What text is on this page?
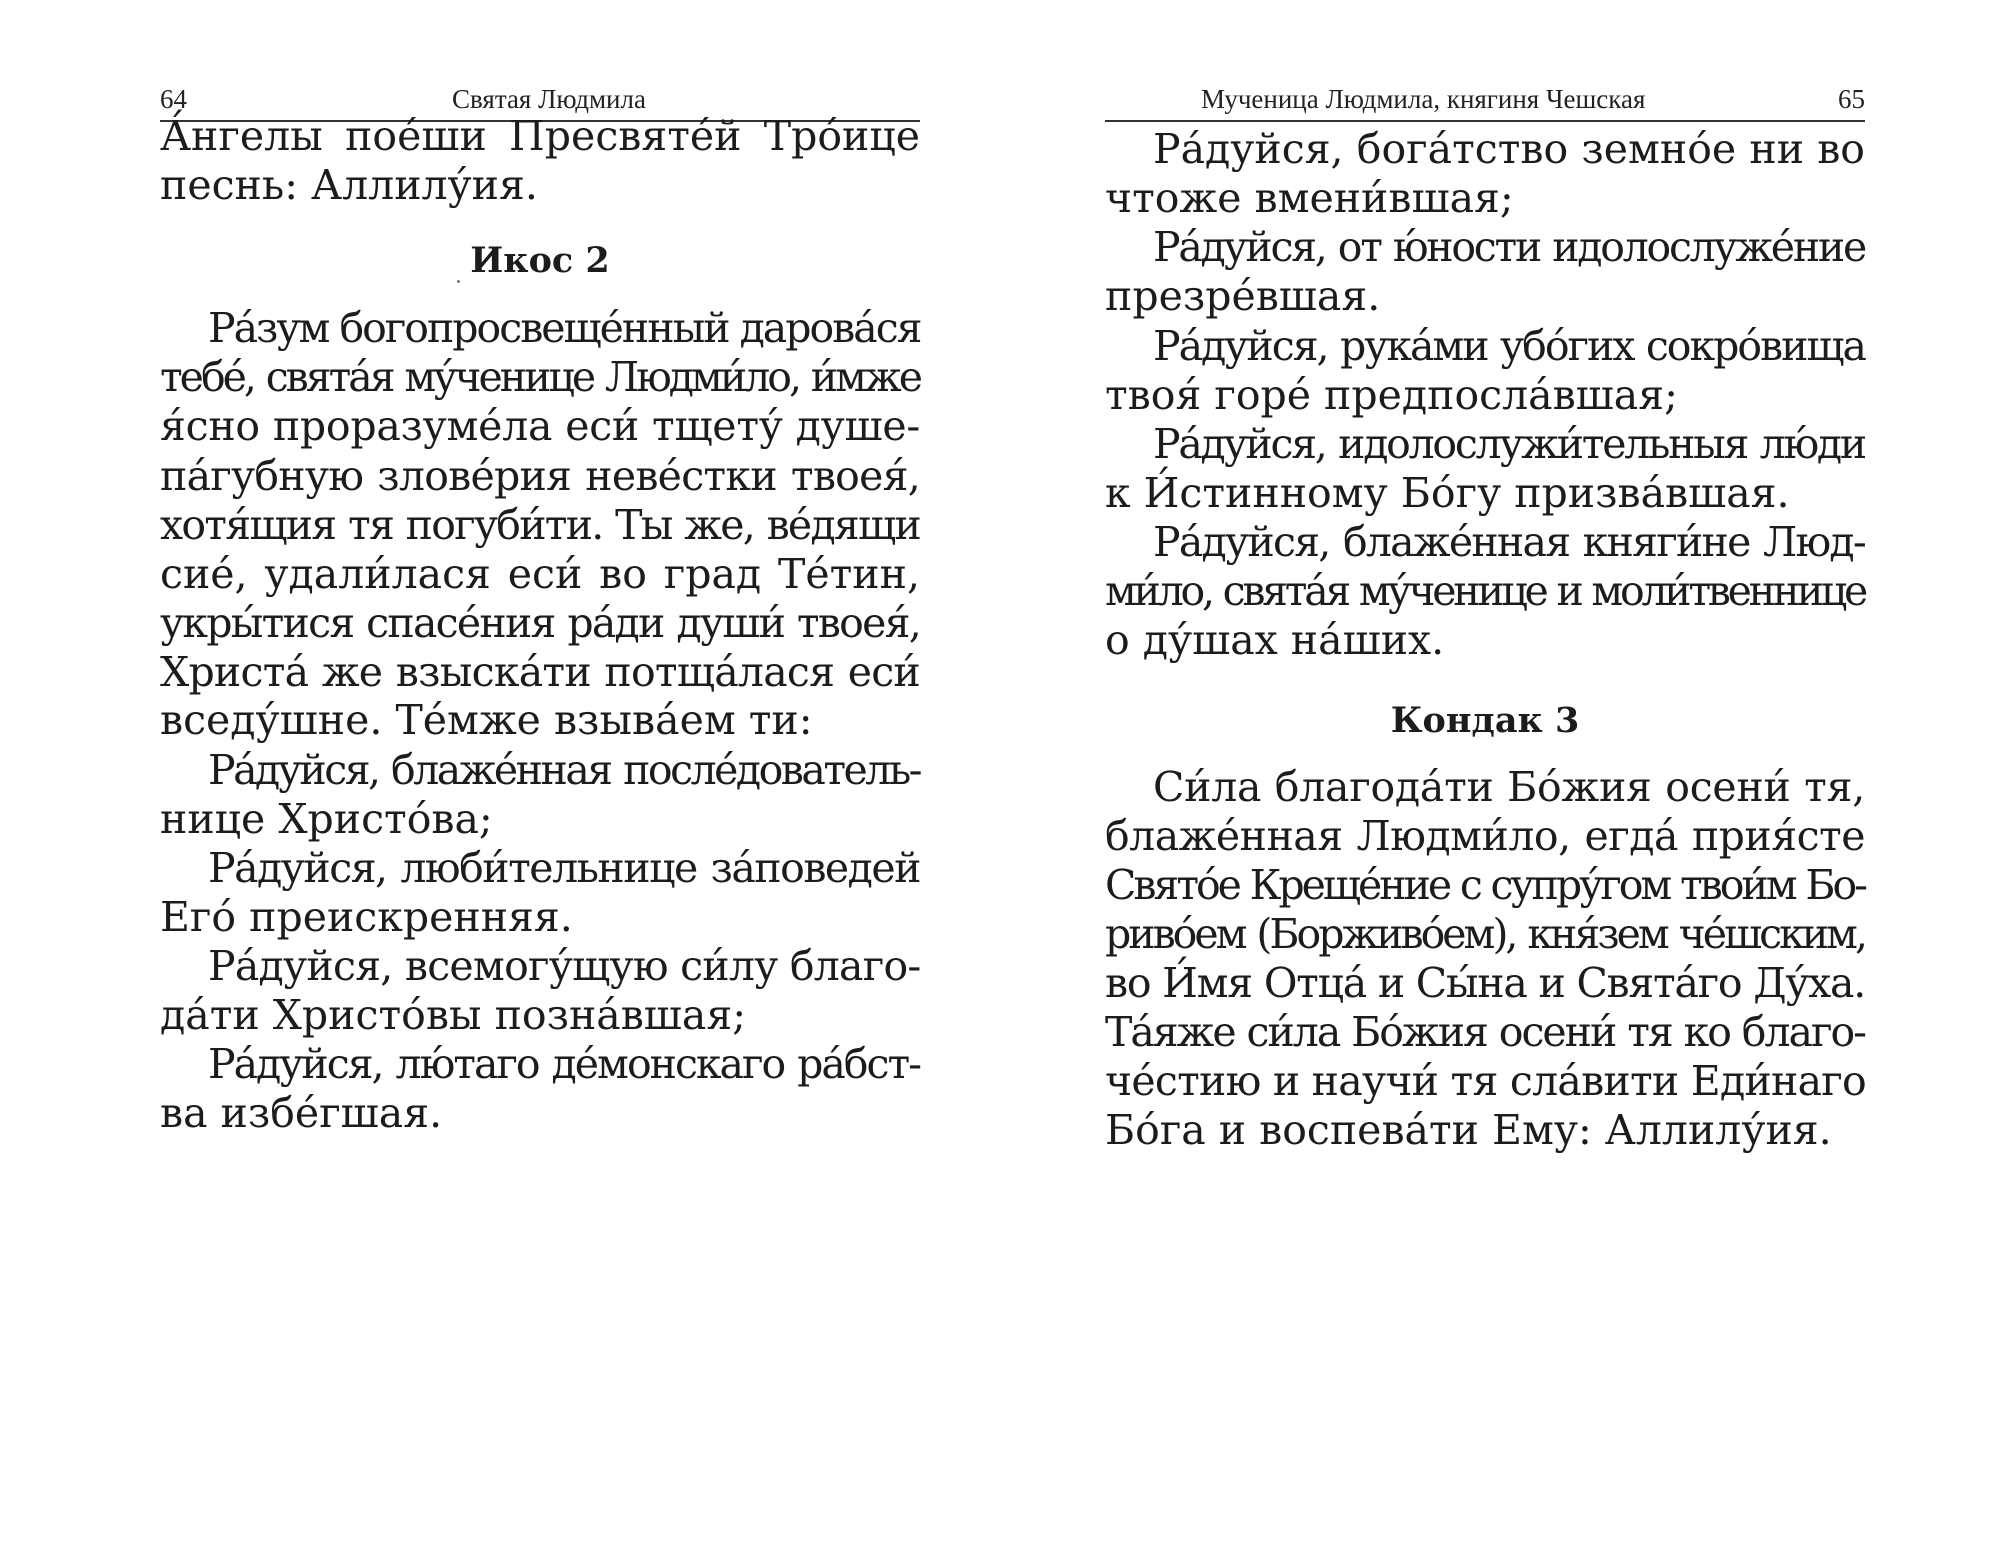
64	Святая Людмила
А́нгелы пое́ши Пресвяте́й Тро́ице
песнь: Аллилу́ия.
Икос 2
Ра́зум богопросвеще́нный дарова́ся
тебе́, свята́я му́ченице Людми́ло, и́мже
я́сно проразуме́ла еси́ тщету́ душе-
па́губную злове́рия неве́стки твоея́,
хотя́щия тя погуби́ти. Ты же, ве́дящи
сие́, удали́лася еси́ во град Те́тин,
укры́тися спасе́ния ра́ди души́ твоея́,
Христа́ же взыска́ти потща́лася еси́
вседу́шне. Те́мже взыва́ем ти:
Ра́дуйся, блаже́нная после́дователь-
нице Христо́ва;
Ра́дуйся, люби́тельнице за́поведей
Его́ преискренняя.
Ра́дуйся, всемогу́щую си́лу благо-
да́ти Христо́вы позна́вшая;
Ра́дуйся, лю́таго де́монскаго ра́бст-
ва избе́гшая.
Мученица Людмила, княгиня Чешская	65
Ра́дуйся, бога́тство земно́е ни во
чтоже вмени́вшая;
Ра́дуйся, от ю́ности идолослуже́ние
презре́вшая.
Ра́дуйся, рука́ми убо́гих сокро́вища
твоя́ горе́ предпосла́вшая;
Ра́дуйся, идолослужи́тельныя лю́ди
к И́стинному Бо́гу призва́вшая.
Ра́дуйся, блаже́нная княги́не Люд-
ми́ло, свята́я му́ченице и моли́твеннице
о ду́шах на́ших.
Кондак 3
Си́ла благода́ти Бо́жия осени́ тя,
блаже́нная Людми́ло, егда́ прия́сте
Свято́е Креще́ние с супру́гом твои́м Бо-
риво́ем (Борживо́ем), кня́зем че́шским,
во И́мя Отца́ и Сы́на и Свята́го Ду́ха.
Та́яже си́ла Бо́жия осени́ тя ко благо-
че́стию и научи́ тя сла́вити Еди́наго
Бо́га и воспева́ти Ему: Аллилу́ия.
